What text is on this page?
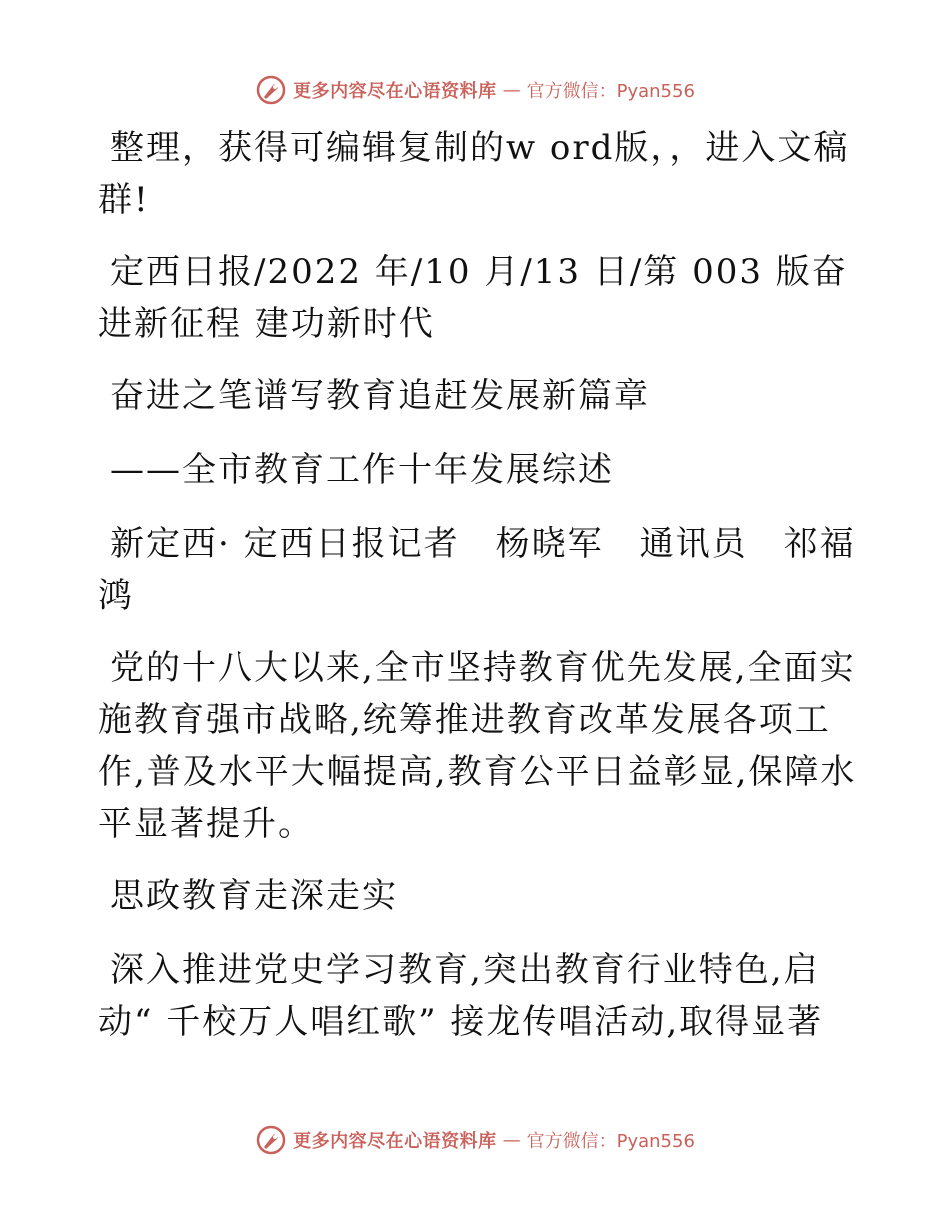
更多内容尽在心语资料库 — 官方微信：Pyan556

整理，获得可编辑复制的w ord版，，进入文稿群!

定西日报/2022 年/10 月/13 日/第 003 版奋进新征程 建功新时代

奋进之笔谱写教育追赶发展新篇章

——全市教育工作十年发展综述

新定西· 定西日报记者　杨晓军　通讯员　祁福鸿

党的十八大以来,全市坚持教育优先发展,全面实施教育强市战略,统筹推进教育改革发展各项工作,普及水平大幅提高,教育公平日益彰显,保障水平显著提升。

思政教育走深走实

深入推进党史学习教育,突出教育行业特色,启动“ 千校万人唱红歌” 接龙传唱活动,取得显著

更多内容尽在心语资料库 — 官方微信：Pyan556
